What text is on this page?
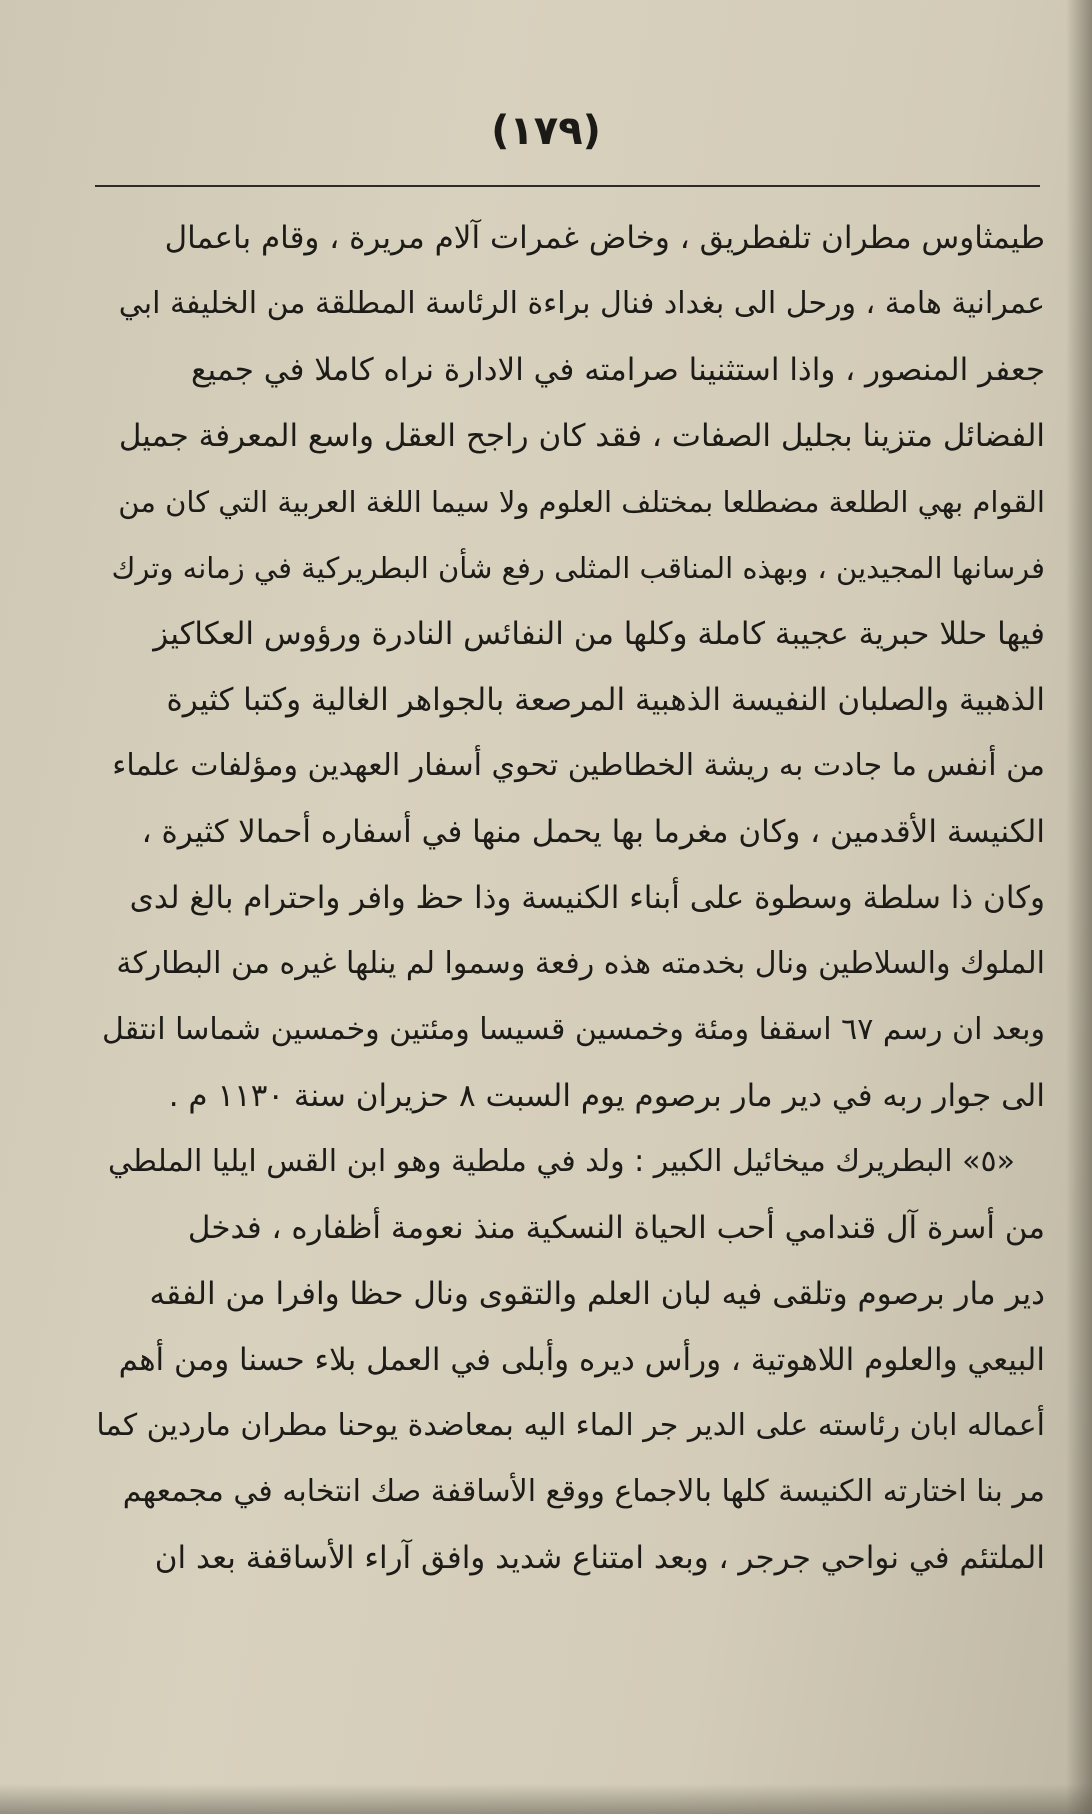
(١٧٩)
طيمثاوس مطران تلفطريق ، وخاض غمرات آلام مريرة ، وقام باعمال
عمرانية هامة ، ورحل الى بغداد فنال براءة الرئاسة المطلقة من الخليفة ابي
جعفر المنصور ، واذا استثنينا صرامته في الادارة نراه كاملا في جميع
الفضائل متزينا بجليل الصفات ، فقد كان راجح العقل واسع المعرفة جميل
القوام بهي الطلعة مضطلعا بمختلف العلوم ولا سيما اللغة العربية التي كان من
فرسانها المجيدين ، وبهذه المناقب المثلى رفع شأن البطريركية في زمانه وترك
فيها حللا حبرية عجيبة كاملة وكلها من النفائس النادرة ورؤوس العكاكيز
الذهبية والصلبان النفيسة الذهبية المرصعة بالجواهر الغالية وكتبا كثيرة
من أنفس ما جادت به ريشة الخطاطين تحوي أسفار العهدين ومؤلفات علماء
الكنيسة الأقدمين ، وكان مغرما بها يحمل منها في أسفاره أحمالا كثيرة ،
وكان ذا سلطة وسطوة على أبناء الكنيسة وذا حظ وافر واحترام بالغ لدى
الملوك والسلاطين ونال بخدمته هذه رفعة وسموا لم ينلها غيره من البطاركة
وبعد ان رسم ٦٧ اسقفا ومئة وخمسين قسيسا ومئتين وخمسين شماسا انتقل
الى جوار ربه في دير مار برصوم يوم السبت ٨ حزيران سنة ١١٣٠ م .
«٥» البطريرك ميخائيل الكبير : ولد في ملطية وهو ابن القس ايليا الملطي
من أسرة آل قندامي أحب الحياة النسكية منذ نعومة أظفاره ، فدخل
دير مار برصوم وتلقى فيه لبان العلم والتقوى ونال حظا وافرا من الفقه
البيعي والعلوم اللاهوتية ، ورأس ديره وأبلى في العمل بلاء حسنا ومن أهم
أعماله ابان رئاسته على الدير جر الماء اليه بمعاضدة يوحنا مطران ماردين كما
مر بنا اختارته الكنيسة كلها بالاجماع ووقع الأساقفة صك انتخابه في مجمعهم
الملتئم في نواحي جرجر ، وبعد امتناع شديد وافق آراء الأساقفة بعد ان
